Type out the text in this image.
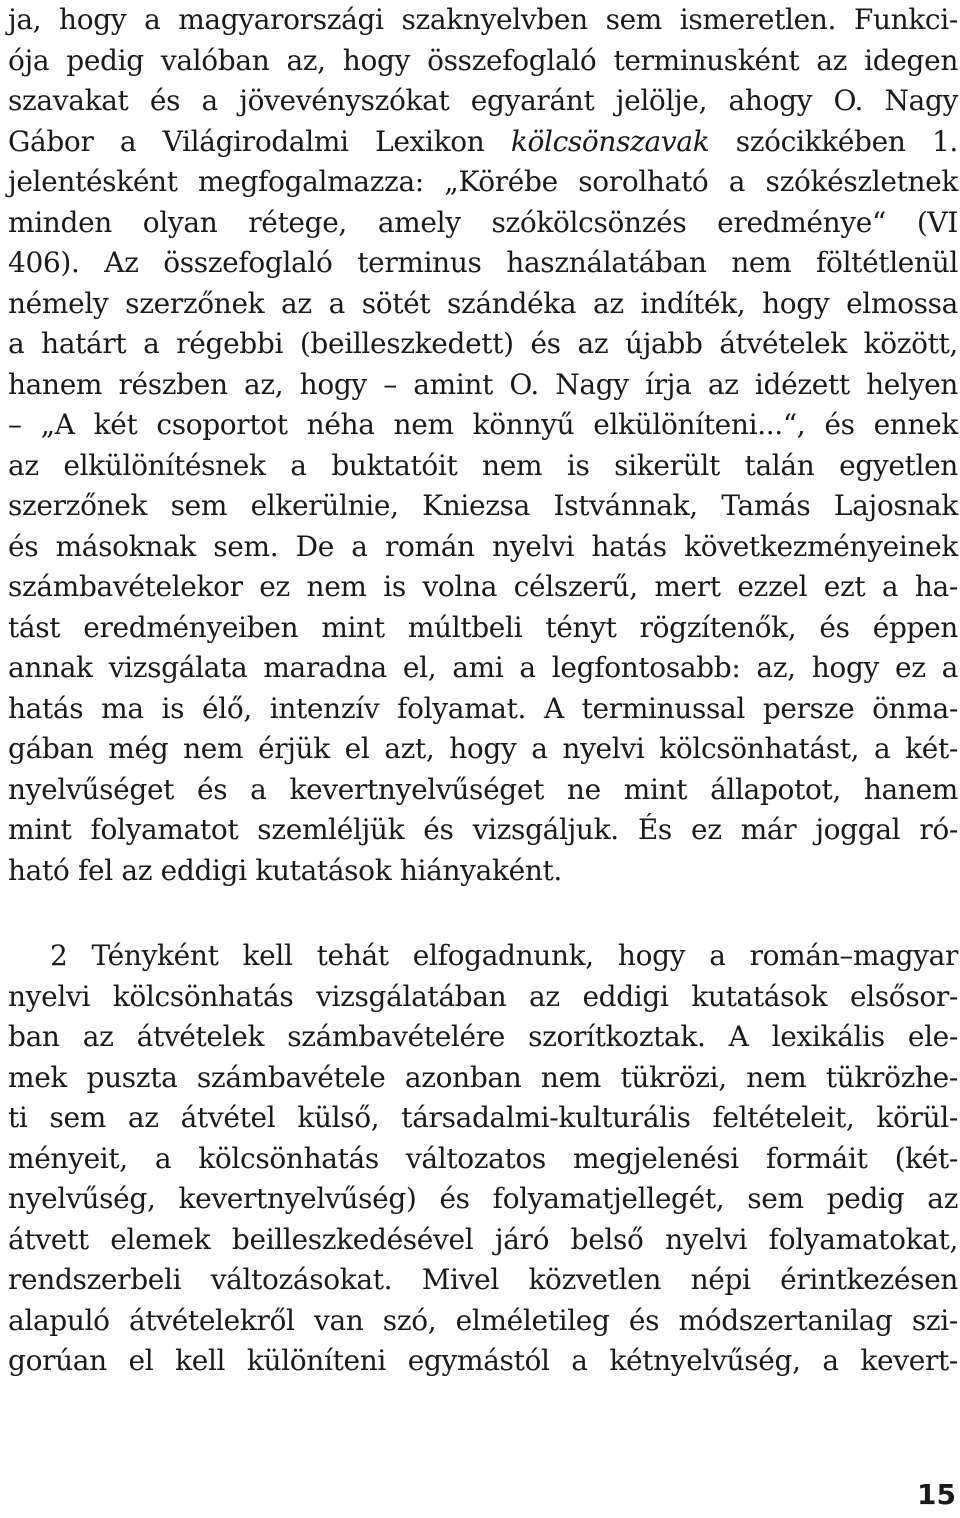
ja, hogy a magyarországi szaknyelvben sem ismeretlen. Funkci-
ója pedig valóban az, hogy összefoglaló terminusként az idegen
szavakat és a jövevényszókat egyaránt jelölje, ahogy O. Nagy
Gábor a Világirodalmi Lexikon kölcsönszavak szócikkében 1.
jelentésként megfogalmazza: „Körébe sorolható a szókészletnek
minden olyan rétege, amely szókölcsönzés eredménye“ (VI
406). Az összefoglaló terminus használatában nem föltétlenül
némely szerzőnek az a sötét szándéka az indíték, hogy elmossa
a határt a régebbi (beilleszkedett) és az újabb átvételek között,
hanem részben az, hogy – amint O. Nagy írja az idézett helyen
– „A két csoportot néha nem könnyű elkülöníteni...“, és ennek
az elkülönítésnek a buktatóit nem is sikerült talán egyetlen
szerzőnek sem elkerülnie, Kniezsa Istvánnak, Tamás Lajosnak
és másoknak sem. De a román nyelvi hatás következményeinek
számbavételekor ez nem is volna célszerű, mert ezzel ezt a ha-
tást eredményeiben mint múltbeli tényt rögzítenők, és éppen
annak vizsgálata maradna el, ami a legfontosabb: az, hogy ez a
hatás ma is élő, intenzív folyamat. A terminussal persze önma-
gában még nem érjük el azt, hogy a nyelvi kölcsönhatást, a két-
nyelvűséget és a kevertnyelvűséget ne mint állapotot, hanem
mint folyamatot szemléljük és vizsgáljuk. És ez már joggal ró-
ható fel az eddigi kutatások hiányaként.
2 Tényként kell tehát elfogadnunk, hogy a román–magyar
nyelvi kölcsönhatás vizsgálatában az eddigi kutatások elsősor-
ban az átvételek számbavételére szorítkoztak. A lexikális ele-
mek puszta számbavétele azonban nem tükrözi, nem tükrözhe-
ti sem az átvétel külső, társadalmi-kulturális feltételeit, körül-
ményeit, a kölcsönhatás változatos megjelenési formáit (két-
nyelvűség, kevertnyelvűség) és folyamatjellegét, sem pedig az
átvett elemek beilleszkedésével járó belső nyelvi folyamatokat,
rendszerbeli változásokat. Mivel közvetlen népi érintkezésen
alapuló átvételekről van szó, elméletileg és módszertanilag szi-
gorúan el kell különíteni egymástól a kétnyelvűség, a kevert-
15
